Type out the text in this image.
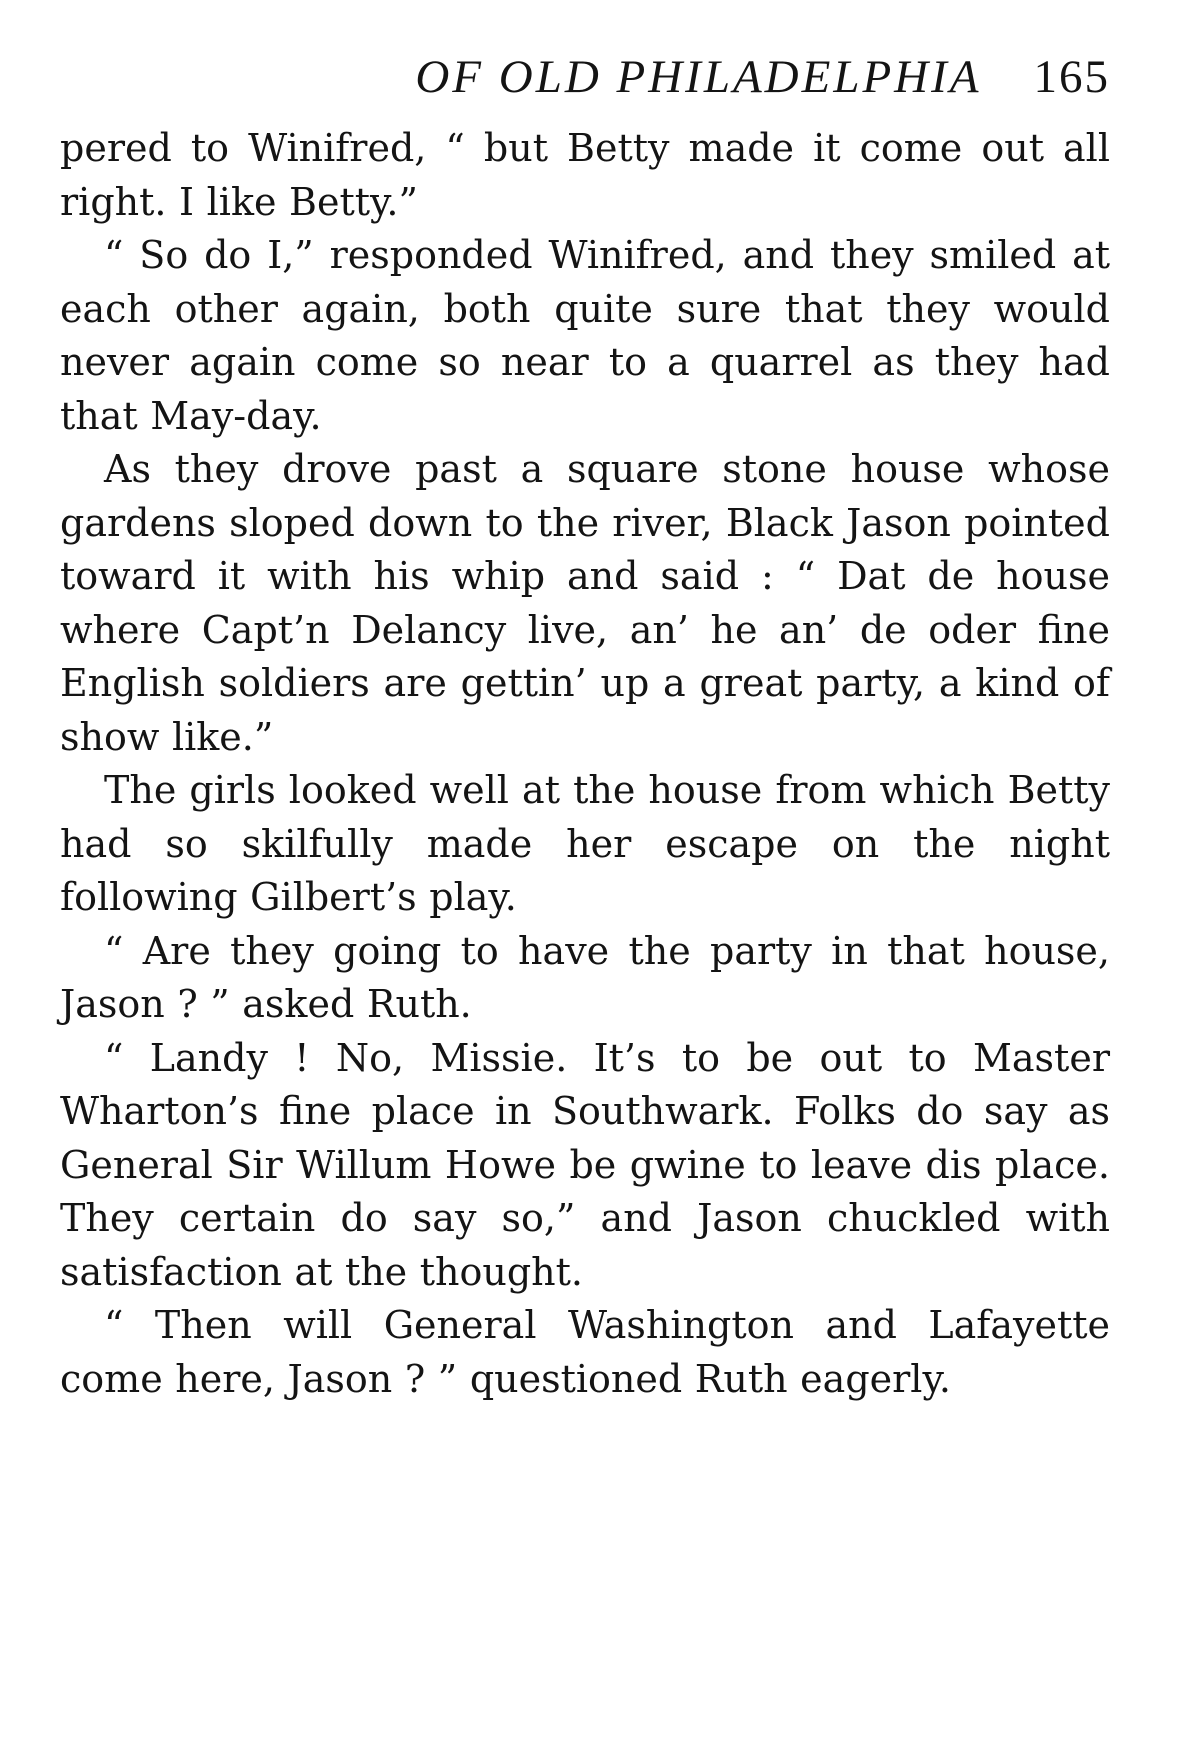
OF OLD PHILADELPHIA 165

pered to Winifred, “ but Betty made it come out all right. I like Betty.”

“ So do I,” responded Winifred, and they smiled at each other again, both quite sure that they would never again come so near to a quarrel as they had that May-day.

As they drove past a square stone house whose gardens sloped down to the river, Black Jason pointed toward it with his whip and said : “ Dat de house where Capt’n Delancy live, an’ he an’ de oder fine English soldiers are gettin’ up a great party, a kind of show like.”

The girls looked well at the house from which Betty had so skilfully made her escape on the night following Gilbert’s play.

“ Are they going to have the party in that house, Jason ? ” asked Ruth.

“ Landy ! No, Missie. It’s to be out to Master Wharton’s fine place in Southwark. Folks do say as General Sir Willum Howe be gwine to leave dis place. They certain do say so,” and Jason chuckled with satisfaction at the thought.

“ Then will General Washington and Lafayette come here, Jason ? ” questioned Ruth eagerly.
